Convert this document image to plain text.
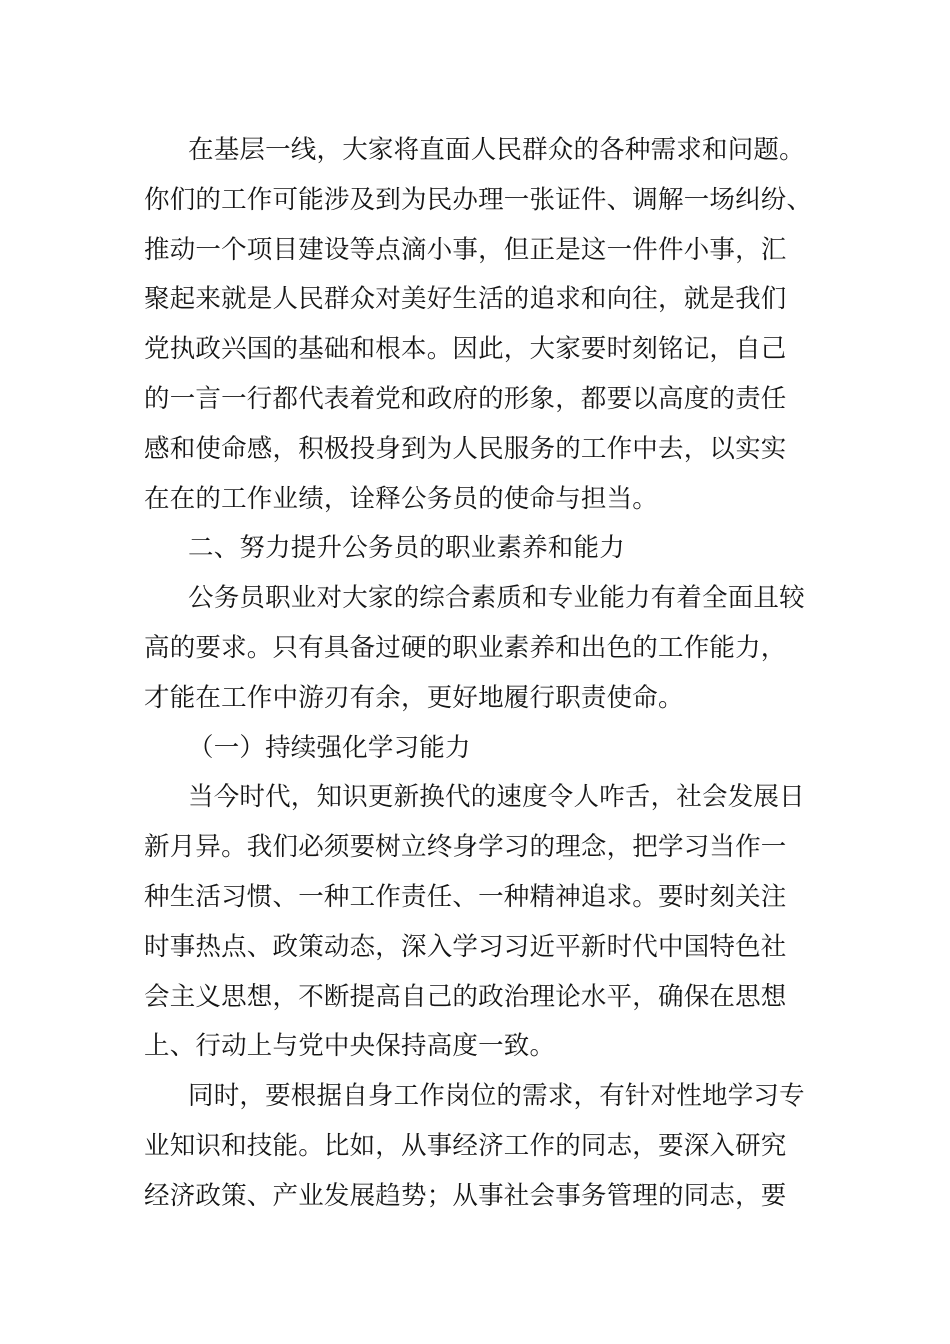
在基层一线，大家将直面人民群众的各种需求和问题。
你们的工作可能涉及到为民办理一张证件、调解一场纠纷、
推动一个项目建设等点滴小事，但正是这一件件小事，汇
聚起来就是人民群众对美好生活的追求和向往，就是我们
党执政兴国的基础和根本。因此，大家要时刻铭记，自己
的一言一行都代表着党和政府的形象，都要以高度的责任
感和使命感，积极投身到为人民服务的工作中去，以实实
在在的工作业绩，诠释公务员的使命与担当。
二、努力提升公务员的职业素养和能力
公务员职业对大家的综合素质和专业能力有着全面且较
高的要求。只有具备过硬的职业素养和出色的工作能力，
才能在工作中游刃有余，更好地履行职责使命。
（一）持续强化学习能力
当今时代，知识更新换代的速度令人咋舌，社会发展日
新月异。我们必须要树立终身学习的理念，把学习当作一
种生活习惯、一种工作责任、一种精神追求。要时刻关注
时事热点、政策动态，深入学习习近平新时代中国特色社
会主义思想，不断提高自己的政治理论水平，确保在思想
上、行动上与党中央保持高度一致。
同时，要根据自身工作岗位的需求，有针对性地学习专
业知识和技能。比如，从事经济工作的同志，要深入研究
经济政策、产业发展趋势；从事社会事务管理的同志，要
